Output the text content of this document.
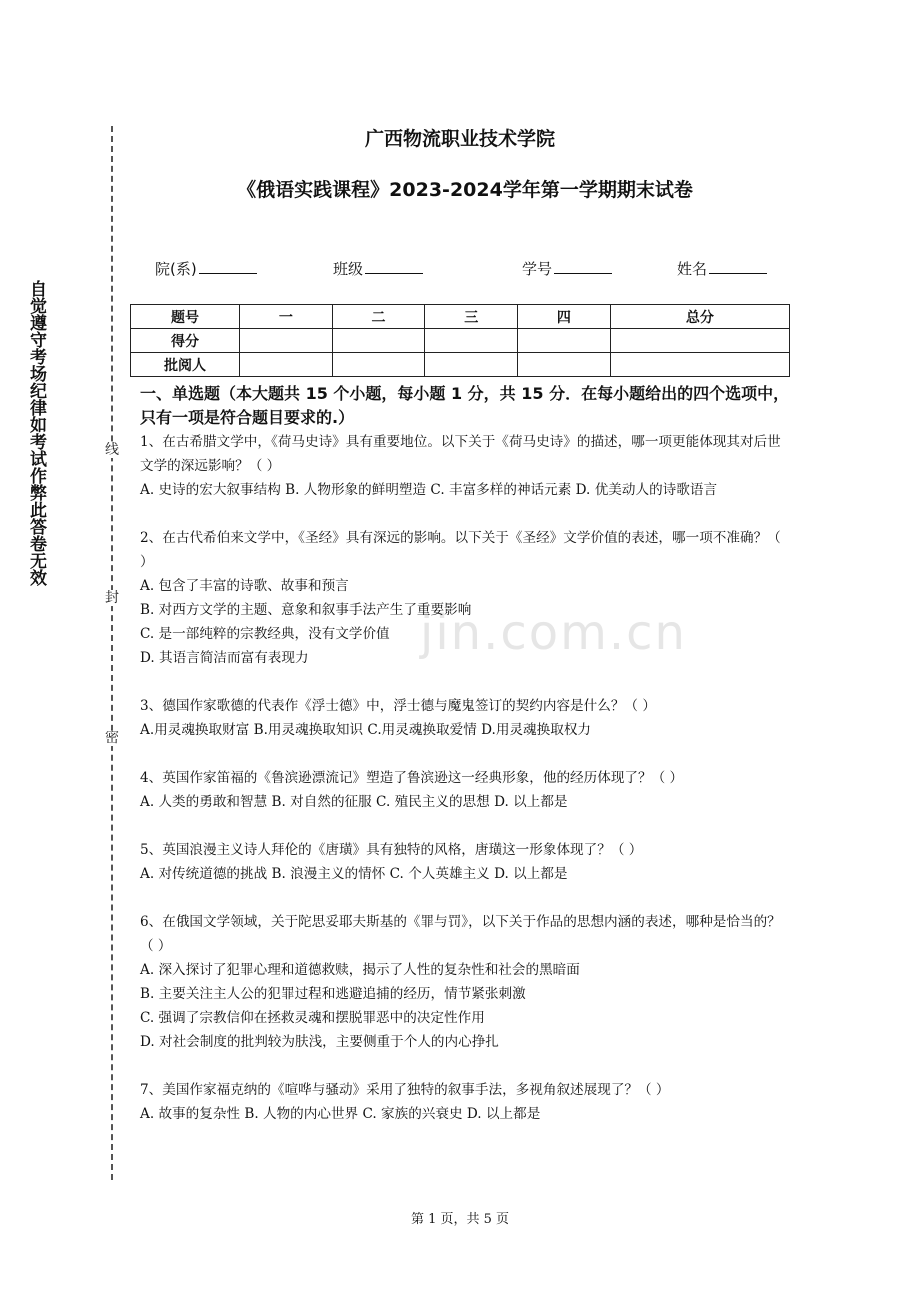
自觉遵守考场纪律如考试作弊此答卷无效	线
封
密
广西物流职业技术学院
《俄语实践课程》2023-2024学年第一学期期末试卷
院(系)	班级	学号	姓名
题号	一	二	三	四	总分
得分					
批阅人					
一、单选题（本大题共 15 个小题，每小题 1 分，共 15 分．在每小题给出的四个选项中，只有一项是符合题目要求的.）
jin.com.cn

1、在古希腊文学中，《荷马史诗》具有重要地位。以下关于《荷马史诗》的描述，哪一项更能体现其对后世文学的深远影响？（ ）

A. 史诗的宏大叙事结构 B. 人物形象的鲜明塑造 C. 丰富多样的神话元素 D. 优美动人的诗歌语言

2、在古代希伯来文学中，《圣经》具有深远的影响。以下关于《圣经》文学价值的表述，哪一项不准确？（ ）

A. 包含了丰富的诗歌、故事和预言

B. 对西方文学的主题、意象和叙事手法产生了重要影响

C. 是一部纯粹的宗教经典，没有文学价值

D. 其语言简洁而富有表现力

3、德国作家歌德的代表作《浮士德》中，浮士德与魔鬼签订的契约内容是什么？（ ）

A.用灵魂换取财富 B.用灵魂换取知识 C.用灵魂换取爱情 D.用灵魂换取权力

4、英国作家笛福的《鲁滨逊漂流记》塑造了鲁滨逊这一经典形象，他的经历体现了？（ ）

A. 人类的勇敢和智慧 B. 对自然的征服 C. 殖民主义的思想 D. 以上都是

5、英国浪漫主义诗人拜伦的《唐璜》具有独特的风格，唐璜这一形象体现了？（ ）

A. 对传统道德的挑战 B. 浪漫主义的情怀 C. 个人英雄主义 D. 以上都是

6、在俄国文学领域，关于陀思妥耶夫斯基的《罪与罚》，以下关于作品的思想内涵的表述，哪种是恰当的？（ ）

A. 深入探讨了犯罪心理和道德救赎，揭示了人性的复杂性和社会的黑暗面

B. 主要关注主人公的犯罪过程和逃避追捕的经历，情节紧张刺激

C. 强调了宗教信仰在拯救灵魂和摆脱罪恶中的决定性作用

D. 对社会制度的批判较为肤浅，主要侧重于个人的内心挣扎

7、美国作家福克纳的《喧哗与骚动》采用了独特的叙事手法，多视角叙述展现了？（ ）

A. 故事的复杂性 B. 人物的内心世界 C. 家族的兴衰史 D. 以上都是

第 1 页，共 5 页
